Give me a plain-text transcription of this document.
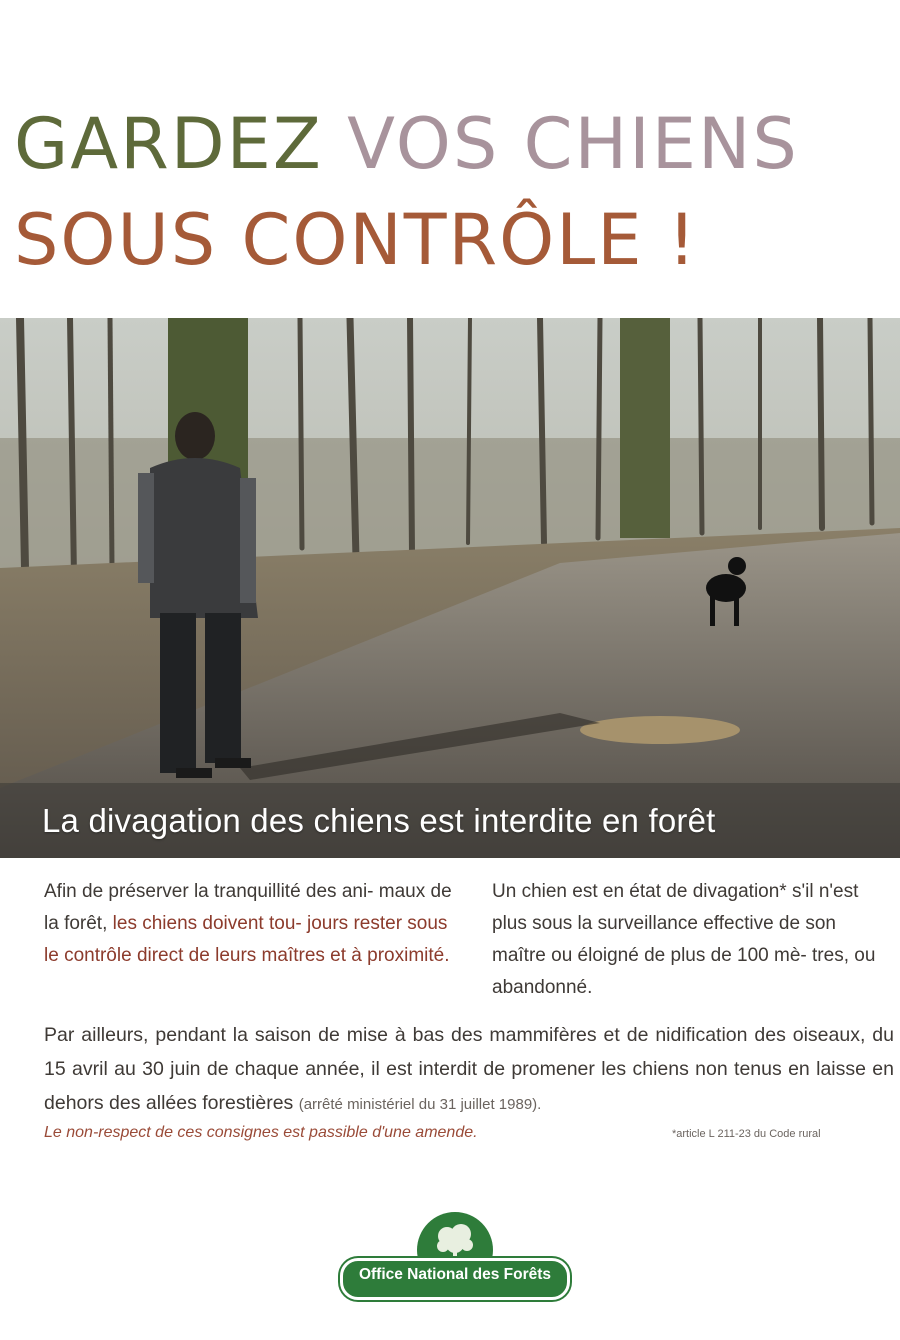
GARDEZ VOS CHIENS
SOUS CONTRÔLE !
La divagation des chiens est interdite en forêt
Afin de préserver la tranquillité des ani- maux de la forêt, les chiens doivent tou- jours rester sous le contrôle direct de leurs maîtres et à proximité.
Un chien est en état de divagation* s'il n'est plus sous la surveillance effective de son maître ou éloigné de plus de 100 mè- tres, ou abandonné.
Par ailleurs, pendant la saison de mise à bas des mammifères et de nidification des oiseaux, du 15 avril au 30 juin de chaque année, il est interdit de promener les chiens non tenus en laisse en dehors des allées forestières (arrêté ministériel du 31 juillet 1989).
Le non-respect de ces consignes est passible d'une amende.	*article L 211-23 du Code rural
Office National des Forêts
